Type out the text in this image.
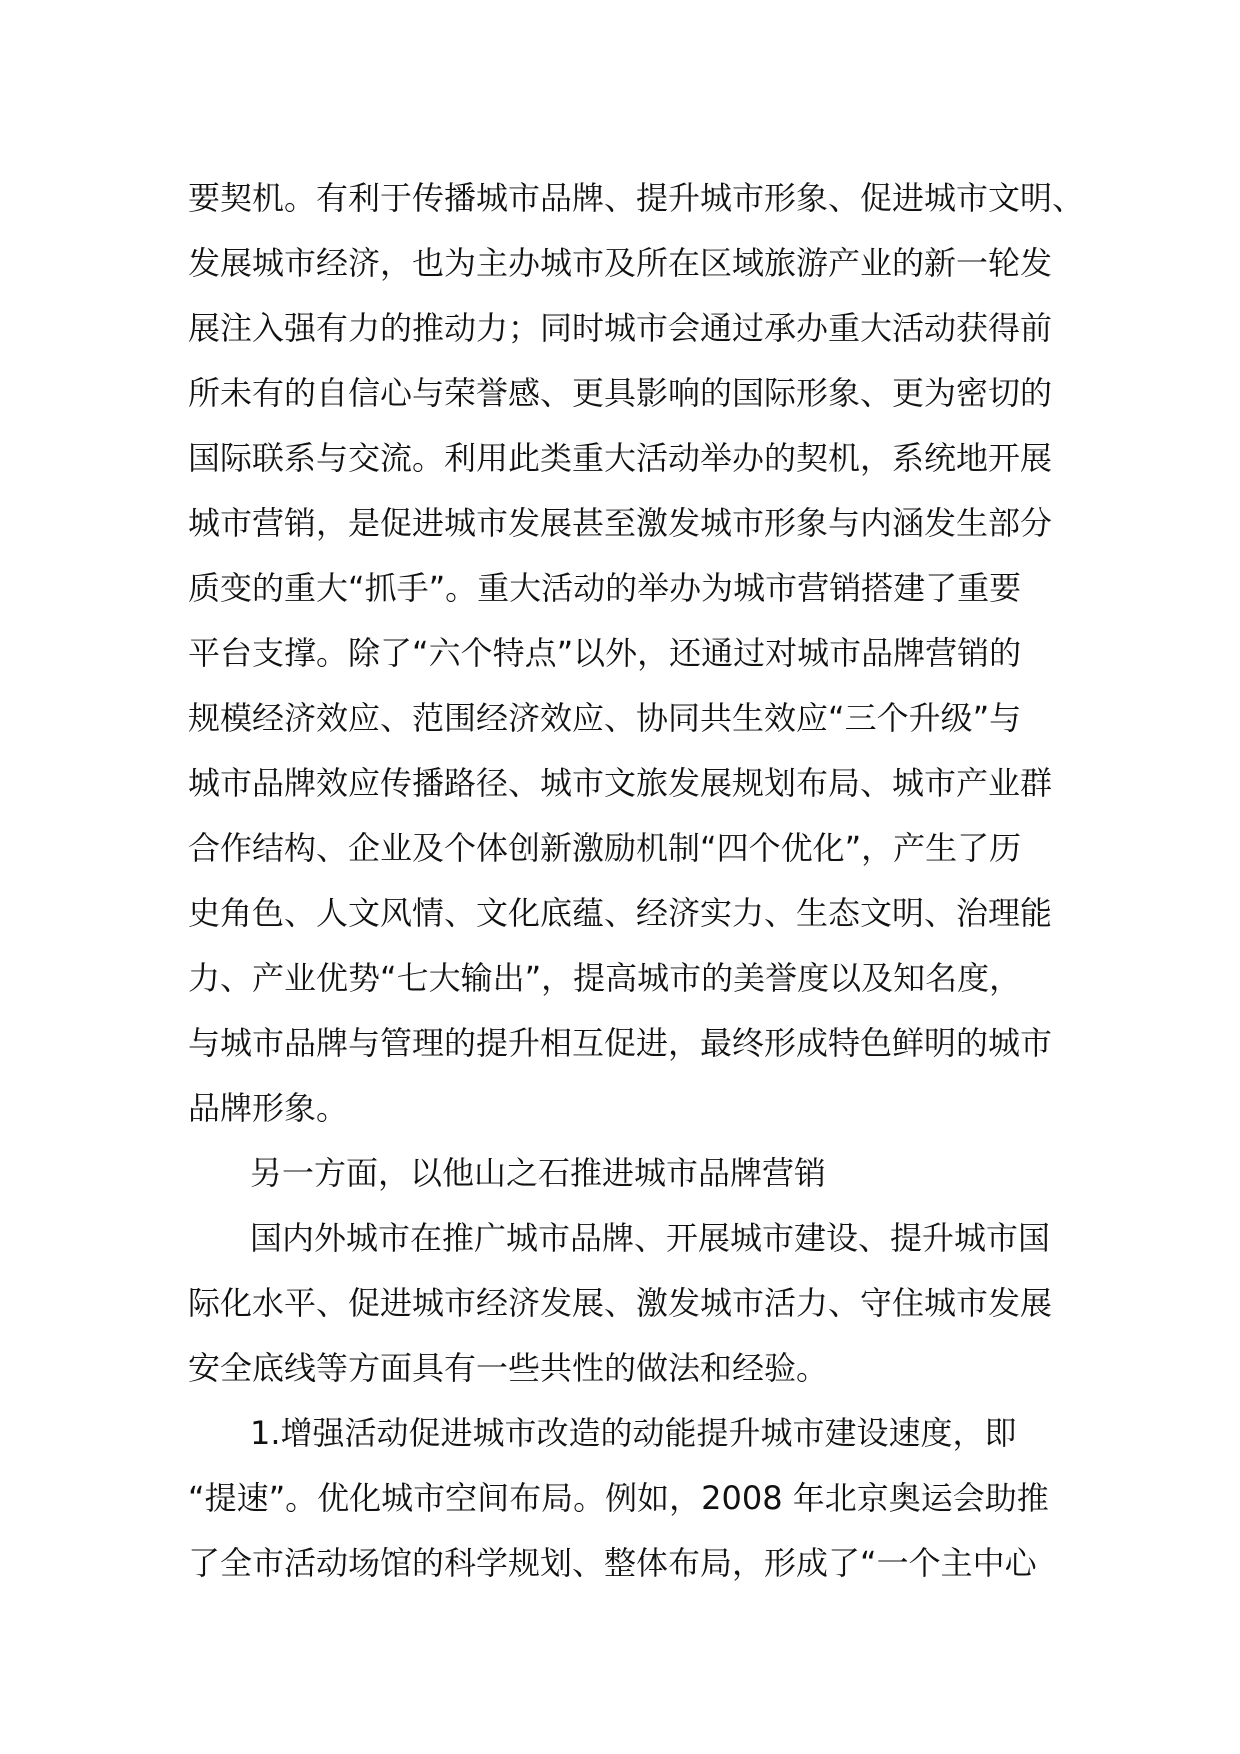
要契机。有利于传播城市品牌、提升城市形象、促进城市文明、
发展城市经济，也为主办城市及所在区域旅游产业的新一轮发
展注入强有力的推动力；同时城市会通过承办重大活动获得前
所未有的自信心与荣誉感、更具影响的国际形象、更为密切的
国际联系与交流。利用此类重大活动举办的契机，系统地开展
城市营销，是促进城市发展甚至激发城市形象与内涵发生部分
质变的重大“抓手”。重大活动的举办为城市营销搭建了重要
平台支撑。除了“六个特点”以外，还通过对城市品牌营销的
规模经济效应、范围经济效应、协同共生效应“三个升级”与
城市品牌效应传播路径、城市文旅发展规划布局、城市产业群
合作结构、企业及个体创新激励机制“四个优化”，产生了历
史角色、人文风情、文化底蕴、经济实力、生态文明、治理能
力、产业优势“七大输出”，提高城市的美誉度以及知名度，
与城市品牌与管理的提升相互促进，最终形成特色鲜明的城市
品牌形象。
另一方面，以他山之石推进城市品牌营销
国内外城市在推广城市品牌、开展城市建设、提升城市国
际化水平、促进城市经济发展、激发城市活力、守住城市发展
安全底线等方面具有一些共性的做法和经验。
1.增强活动促进城市改造的动能提升城市建设速度，即
“提速”。优化城市空间布局。例如，2008 年北京奥运会助推
了全市活动场馆的科学规划、整体布局，形成了“一个主中心
